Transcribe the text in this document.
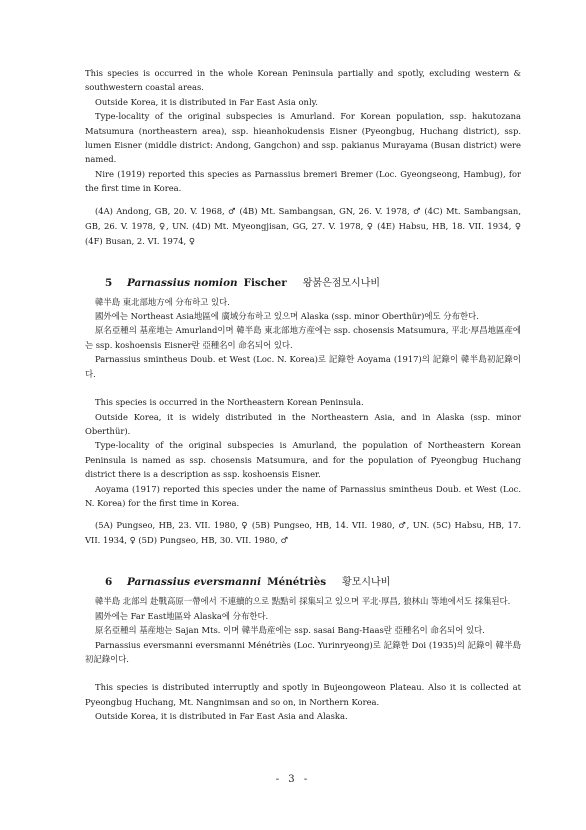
This species is occurred in the whole Korean Peninsula partially and spotly, excluding western & southwestern coastal areas.

Outside Korea, it is distributed in Far East Asia only.

Type-locality of the original subspecies is Amurland. For Korean population, ssp. hakutozana Matsumura (northeastern area), ssp. hieanhokudensis Eisner (Pyeongbug, Huchang district), ssp. lumen Eisner (middle district: Andong, Gangchon) and ssp. pakianus Murayama (Busan district) were named.

Nire (1919) reported this species as Parnassius bremeri Bremer (Loc. Gyeongseong, Hambug), for the first time in Korea.

(4A) Andong, GB, 20. V. 1968, ♂ (4B) Mt. Sambangsan, GN, 26. V. 1978, ♂ (4C) Mt. Sambangsan, GB, 26. V. 1978, ♀, UN. (4D) Mt. Myeongjisan, GG, 27. V. 1978, ♀ (4E) Habsu, HB, 18. VII. 1934, ♀ (4F) Busan, 2. VI. 1974, ♀

5	Parnassius nomion Fischer 왕붉은점모시나비

韓半島 東北部地方에 分布하고 있다.

國外에는 Northeast Asia地區에 廣域分布하고 있으며 Alaska (ssp. minor Oberthür)에도 分布한다.

原名亞種의 基産地는 Amurland이며 韓半島 東北部地方産에는 ssp. chosensis Matsumura, 平北·厚昌地區産에는 ssp. koshoensis Eisner란 亞種名이 命名되어 있다.

Parnassius smintheus Doub. et West (Loc. N. Korea)로 記錄한 Aoyama (1917)의 記錄이 韓半島初記錄이다.

This species is occurred in the Northeastern Korean Peninsula.

Outside Korea, it is widely distributed in the Northeastern Asia, and in Alaska (ssp. minor Oberthür).

Type-locality of the original subspecies is Amurland, the population of Northeastern Korean Peninsula is named as ssp. chosensis Matsumura, and for the population of Pyeongbug Huchang district there is a description as ssp. koshoensis Eisner.

Aoyama (1917) reported this species under the name of Parnassius smintheus Doub. et West (Loc. N. Korea) for the first time in Korea.

(5A) Pungseo, HB, 23. VII. 1980, ♀ (5B) Pungseo, HB, 14. VII. 1980, ♂, UN. (5C) Habsu, HB, 17. VII. 1934, ♀ (5D) Pungseo, HB, 30. VII. 1980, ♂

6	Parnassius eversmanni Ménétriès 황모시나비

韓半島 北部의 赴戰高原一帶에서 不連續的으로 點點히 採集되고 있으며 平北·厚昌, 狼林山 等地에서도 採集된다.

國外에는 Far East地區와 Alaska에 分布한다.

原名亞種의 基産地는 Sajan Mts. 이며 韓半島産에는 ssp. sasai Bang-Haas란 亞種名이 命名되어 있다.

Parnassius eversmanni eversmanni Ménétriès (Loc. Yurinryeong)로 記錄한 Doi (1935)의 記錄이 韓半島初記錄이다.

This species is distributed interruptly and spotly in Bujeongoweon Plateau. Also it is collected at Pyeongbug Huchang, Mt. Nangnimsan and so on, in Northern Korea.

Outside Korea, it is distributed in Far East Asia and Alaska.

- 3 -
